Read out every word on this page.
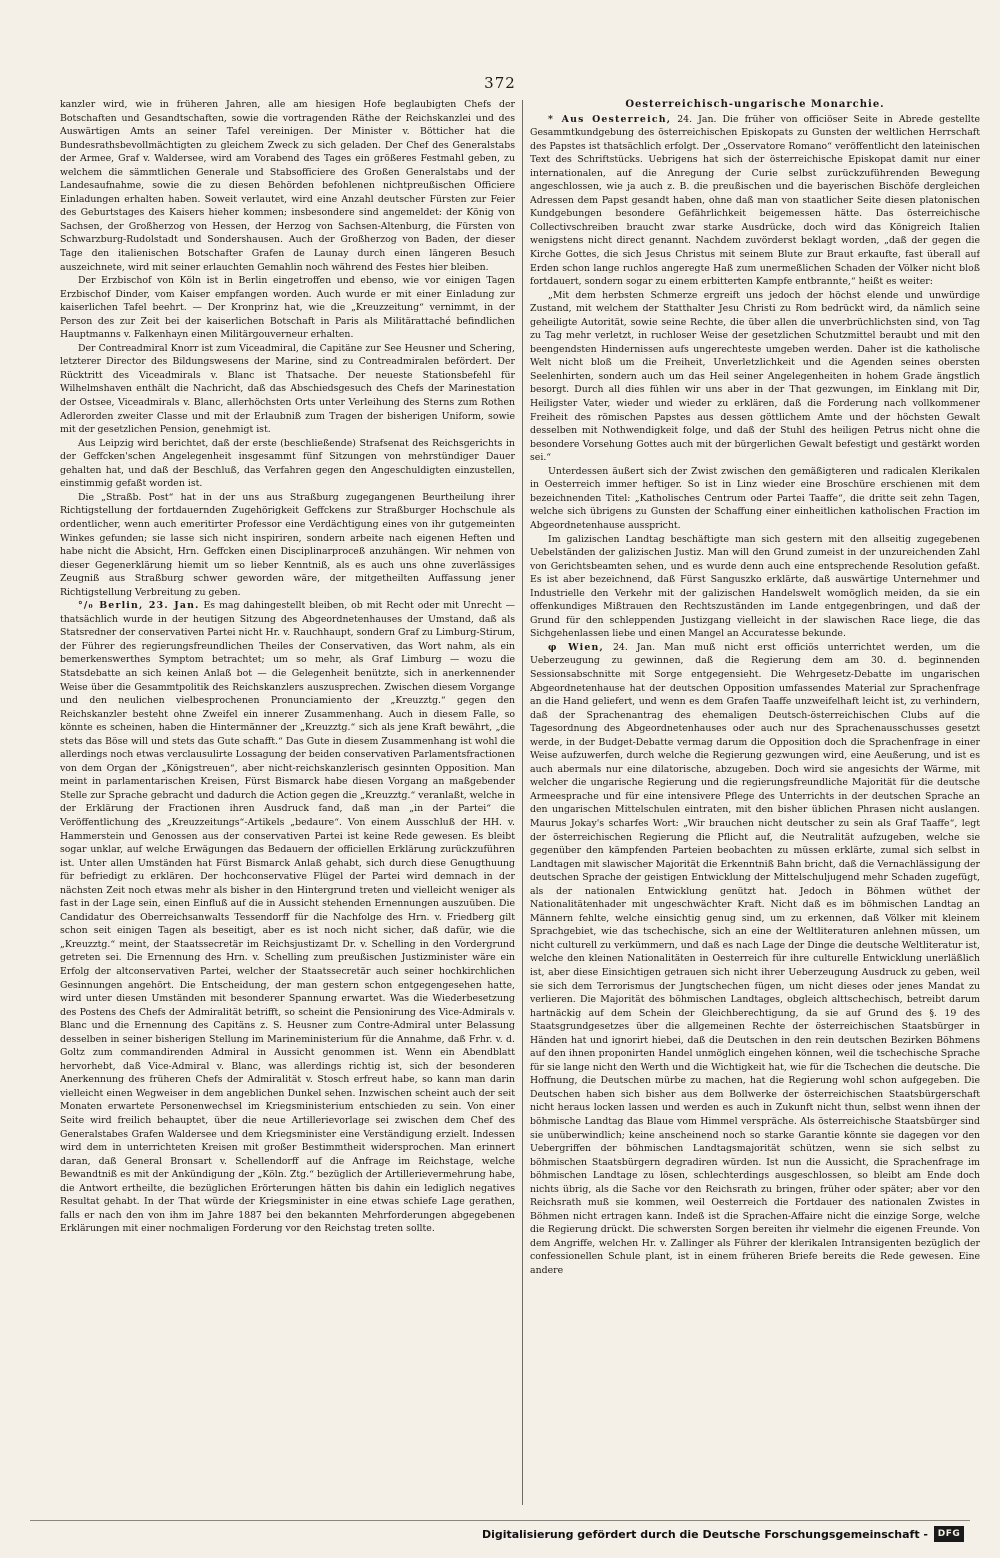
372

kanzler wird, wie in früheren Jahren, alle am hiesigen Hofe beglaubigten Chefs der Botschaften und Gesandtschaften, sowie die vortragenden Räthe der Reichskanzlei und des Auswärtigen Amts an seiner Tafel vereinigen. Der Minister v. Bötticher hat die Bundesrathsbevollmächtigten zu gleichem Zweck zu sich geladen. Der Chef des Generalstabs der Armee, Graf v. Waldersee, wird am Vorabend des Tages ein größeres Festmahl geben, zu welchem die sämmtlichen Generale und Stabsofficiere des Großen Generalstabs und der Landesaufnahme, sowie die zu diesen Behörden befohlenen nichtpreußischen Officiere Einladungen erhalten haben. Soweit verlautet, wird eine Anzahl deutscher Fürsten zur Feier des Geburtstages des Kaisers hieher kommen; insbesondere sind angemeldet: der König von Sachsen, der Großherzog von Hessen, der Herzog von Sachsen-Altenburg, die Fürsten von Schwarzburg-Rudolstadt und Sondershausen. Auch der Großherzog von Baden, der dieser Tage den italienischen Botschafter Grafen de Launay durch einen längeren Besuch auszeichnete, wird mit seiner erlauchten Gemahlin noch während des Festes hier bleiben.

Der Erzbischof von Köln ist in Berlin eingetroffen und ebenso, wie vor einigen Tagen Erzbischof Dinder, vom Kaiser empfangen worden. Auch wurde er mit einer Einladung zur kaiserlichen Tafel beehrt. — Der Kronprinz hat, wie die „Kreuzzeitung“ vernimmt, in der Person des zur Zeit bei der kaiserlichen Botschaft in Paris als Militärattaché befindlichen Hauptmanns v. Falkenhayn einen Militärgouverneur erhalten.

Der Contreadmiral Knorr ist zum Viceadmiral, die Capitäne zur See Heusner und Schering, letzterer Director des Bildungswesens der Marine, sind zu Contreadmiralen befördert. Der Rücktritt des Viceadmirals v. Blanc ist Thatsache. Der neueste Stationsbefehl für Wilhelmshaven enthält die Nachricht, daß das Abschiedsgesuch des Chefs der Marinestation der Ostsee, Viceadmirals v. Blanc, allerhöchsten Orts unter Verleihung des Sterns zum Rothen Adlerorden zweiter Classe und mit der Erlaubniß zum Tragen der bisherigen Uniform, sowie mit der gesetzlichen Pension, genehmigt ist.

Aus Leipzig wird berichtet, daß der erste (beschließende) Strafsenat des Reichsgerichts in der Geffcken'schen Angelegenheit insgesammt fünf Sitzungen von mehrstündiger Dauer gehalten hat, und daß der Beschluß, das Verfahren gegen den Angeschuldigten einzustellen, einstimmig gefaßt worden ist.

Die „Straßb. Post“ hat in der uns aus Straßburg zugegangenen Beurtheilung ihrer Richtigstellung der fortdauernden Zugehörigkeit Geffckens zur Straßburger Hochschule als ordentlicher, wenn auch emeritirter Professor eine Verdächtigung eines von ihr gutgemeinten Winkes gefunden; sie lasse sich nicht inspiriren, sondern arbeite nach eigenen Heften und habe nicht die Absicht, Hrn. Geffcken einen Disciplinarproceß anzuhängen. Wir nehmen von dieser Gegenerklärung hiemit um so lieber Kenntniß, als es auch uns ohne zuverlässiges Zeugniß aus Straßburg schwer geworden wäre, der mitgetheilten Auffassung jener Richtigstellung Verbreitung zu geben.

°/₀ Berlin, 23. Jan. Es mag dahingestellt bleiben, ob mit Recht oder mit Unrecht — thatsächlich wurde in der heutigen Sitzung des Abgeordnetenhauses der Umstand, daß als Statsredner der conservativen Partei nicht Hr. v. Rauchhaupt, sondern Graf zu Limburg-Stirum, der Führer des regierungsfreundlichen Theiles der Conservativen, das Wort nahm, als ein bemerkenswerthes Symptom betrachtet; um so mehr, als Graf Limburg — wozu die Statsdebatte an sich keinen Anlaß bot — die Gelegenheit benützte, sich in anerkennender Weise über die Gesammtpolitik des Reichskanzlers auszusprechen. Zwischen diesem Vorgange und den neulichen vielbesprochenen Pronunciamiento der „Kreuzztg.“ gegen den Reichskanzler besteht ohne Zweifel ein innerer Zusammenhang. Auch in diesem Falle, so könnte es scheinen, haben die Hintermänner der „Kreuzztg.“ sich als jene Kraft bewährt, „die stets das Böse will und stets das Gute schafft.“ Das Gute in diesem Zusammenhang ist wohl die allerdings noch etwas verclausulirte Lossagung der beiden conservativen Parlamentsfractionen von dem Organ der „Königstreuen“, aber nicht-reichskanzlerisch gesinnten Opposition. Man meint in parlamentarischen Kreisen, Fürst Bismarck habe diesen Vorgang an maßgebender Stelle zur Sprache gebracht und dadurch die Action gegen die „Kreuzztg.“ veranlaßt, welche in der Erklärung der Fractionen ihren Ausdruck fand, daß man „in der Partei“ die Veröffentlichung des „Kreuzzeitungs“-Artikels „bedaure“. Von einem Ausschluß der HH. v. Hammerstein und Genossen aus der conservativen Partei ist keine Rede gewesen. Es bleibt sogar unklar, auf welche Erwägungen das Bedauern der officiellen Erklärung zurückzuführen ist. Unter allen Umständen hat Fürst Bismarck Anlaß gehabt, sich durch diese Genugthuung für befriedigt zu erklären. Der hochconservative Flügel der Partei wird demnach in der nächsten Zeit noch etwas mehr als bisher in den Hintergrund treten und vielleicht weniger als fast in der Lage sein, einen Einfluß auf die in Aussicht stehenden Ernennungen auszuüben. Die Candidatur des Oberreichsanwalts Tessendorff für die Nachfolge des Hrn. v. Friedberg gilt schon seit einigen Tagen als beseitigt, aber es ist noch nicht sicher, daß dafür, wie die „Kreuzztg.“ meint, der Staatssecretär im Reichsjustizamt Dr. v. Schelling in den Vordergrund getreten sei. Die Ernennung des Hrn. v. Schelling zum preußischen Justizminister wäre ein Erfolg der altconservativen Partei, welcher der Staatssecretär auch seiner hochkirchlichen Gesinnungen angehört. Die Entscheidung, der man gestern schon entgegengesehen hatte, wird unter diesen Umständen mit besonderer Spannung erwartet. Was die Wiederbesetzung des Postens des Chefs der Admiralität betrifft, so scheint die Pensionirung des Vice-Admirals v. Blanc und die Ernennung des Capitäns z. S. Heusner zum Contre-Admiral unter Belassung desselben in seiner bisherigen Stellung im Marineministerium für die Annahme, daß Frhr. v. d. Goltz zum commandirenden Admiral in Aussicht genommen ist. Wenn ein Abendblatt hervorhebt, daß Vice-Admiral v. Blanc, was allerdings richtig ist, sich der besonderen Anerkennung des früheren Chefs der Admiralität v. Stosch erfreut habe, so kann man darin vielleicht einen Wegweiser in dem angeblichen Dunkel sehen. Inzwischen scheint auch der seit Monaten erwartete Personenwechsel im Kriegsministerium entschieden zu sein. Von einer Seite wird freilich behauptet, über die neue Artillerievorlage sei zwischen dem Chef des Generalstabes Grafen Waldersee und dem Kriegsminister eine Verständigung erzielt. Indessen wird dem in unterrichteten Kreisen mit großer Bestimmtheit widersprochen. Man erinnert daran, daß General Bronsart v. Schellendorff auf die Anfrage im Reichstage, welche Bewandtniß es mit der Ankündigung der „Köln. Ztg.“ bezüglich der Artillerievermehrung habe, die Antwort ertheilte, die bezüglichen Erörterungen hätten bis dahin ein lediglich negatives Resultat gehabt. In der That würde der Kriegsminister in eine etwas schiefe Lage gerathen, falls er nach den von ihm im Jahre 1887 bei den bekannten Mehrforderungen abgegebenen Erklärungen mit einer nochmaligen Forderung vor den Reichstag treten sollte.

Oesterreichisch-ungarische Monarchie.

* Aus Oesterreich, 24. Jan. Die früher von officiöser Seite in Abrede gestellte Gesammtkundgebung des österreichischen Episkopats zu Gunsten der weltlichen Herrschaft des Papstes ist thatsächlich erfolgt. Der „Osservatore Romano“ veröffentlicht den lateinischen Text des Schriftstücks. Uebrigens hat sich der österreichische Episkopat damit nur einer internationalen, auf die Anregung der Curie selbst zurückzuführenden Bewegung angeschlossen, wie ja auch z. B. die preußischen und die bayerischen Bischöfe dergleichen Adressen dem Papst gesandt haben, ohne daß man von staatlicher Seite diesen platonischen Kundgebungen besondere Gefährlichkeit beigemessen hätte. Das österreichische Collectivschreiben braucht zwar starke Ausdrücke, doch wird das Königreich Italien wenigstens nicht direct genannt. Nachdem zuvörderst beklagt worden, „daß der gegen die Kirche Gottes, die sich Jesus Christus mit seinem Blute zur Braut erkaufte, fast überall auf Erden schon lange ruchlos angeregte Haß zum unermeßlichen Schaden der Völker nicht bloß fortdauert, sondern sogar zu einem erbitterten Kampfe entbrannte,“ heißt es weiter:

„Mit dem herbsten Schmerze ergreift uns jedoch der höchst elende und unwürdige Zustand, mit welchem der Statthalter Jesu Christi zu Rom bedrückt wird, da nämlich seine geheiligte Autorität, sowie seine Rechte, die über allen die unverbrüchlichsten sind, von Tag zu Tag mehr verletzt, in ruchloser Weise der gesetzlichen Schutzmittel beraubt und mit den beengendsten Hindernissen aufs ungerechteste umgeben werden. Daher ist die katholische Welt nicht bloß um die Freiheit, Unverletzlichkeit und die Agenden seines obersten Seelenhirten, sondern auch um das Heil seiner Angelegenheiten in hohem Grade ängstlich besorgt. Durch all dies fühlen wir uns aber in der That gezwungen, im Einklang mit Dir, Heiligster Vater, wieder und wieder zu erklären, daß die Forderung nach vollkommener Freiheit des römischen Papstes aus dessen göttlichem Amte und der höchsten Gewalt desselben mit Nothwendigkeit folge, und daß der Stuhl des heiligen Petrus nicht ohne die besondere Vorsehung Gottes auch mit der bürgerlichen Gewalt befestigt und gestärkt worden sei.“

Unterdessen äußert sich der Zwist zwischen den gemäßigteren und radicalen Klerikalen in Oesterreich immer heftiger. So ist in Linz wieder eine Broschüre erschienen mit dem bezeichnenden Titel: „Katholisches Centrum oder Partei Taaffe“, die dritte seit zehn Tagen, welche sich übrigens zu Gunsten der Schaffung einer einheitlichen katholischen Fraction im Abgeordnetenhause ausspricht.

Im galizischen Landtag beschäftigte man sich gestern mit den allseitig zugegebenen Uebelständen der galizischen Justiz. Man will den Grund zumeist in der unzureichenden Zahl von Gerichtsbeamten sehen, und es wurde denn auch eine entsprechende Resolution gefaßt. Es ist aber bezeichnend, daß Fürst Sanguszko erklärte, daß auswärtige Unternehmer und Industrielle den Verkehr mit der galizischen Handelswelt womöglich meiden, da sie ein offenkundiges Mißtrauen den Rechtszuständen im Lande entgegenbringen, und daß der Grund für den schleppenden Justizgang vielleicht in der slawischen Race liege, die das Sichgehenlassen liebe und einen Mangel an Accuratesse bekunde.

φ Wien, 24. Jan. Man muß nicht erst officiös unterrichtet werden, um die Ueberzeugung zu gewinnen, daß die Regierung dem am 30. d. beginnenden Sessionsabschnitte mit Sorge entgegensieht. Die Wehrgesetz-Debatte im ungarischen Abgeordnetenhause hat der deutschen Opposition umfassendes Material zur Sprachenfrage an die Hand geliefert, und wenn es dem Grafen Taaffe unzweifelhaft leicht ist, zu verhindern, daß der Sprachenantrag des ehemaligen Deutsch-österreichischen Clubs auf die Tagesordnung des Abgeordnetenhauses oder auch nur des Sprachenausschusses gesetzt werde, in der Budget-Debatte vermag darum die Opposition doch die Sprachenfrage in einer Weise aufzuwerfen, durch welche die Regierung gezwungen wird, eine Aeußerung, und ist es auch abermals nur eine dilatorische, abzugeben. Doch wird sie angesichts der Wärme, mit welcher die ungarische Regierung und die regierungsfreundliche Majorität für die deutsche Armeesprache und für eine intensivere Pflege des Unterrichts in der deutschen Sprache an den ungarischen Mittelschulen eintraten, mit den bisher üblichen Phrasen nicht auslangen. Maurus Jokay's scharfes Wort: „Wir brauchen nicht deutscher zu sein als Graf Taaffe“, legt der österreichischen Regierung die Pflicht auf, die Neutralität aufzugeben, welche sie gegenüber den kämpfenden Parteien beobachten zu müssen erklärte, zumal sich selbst in Landtagen mit slawischer Majorität die Erkenntniß Bahn bricht, daß die Vernachlässigung der deutschen Sprache der geistigen Entwicklung der Mittelschuljugend mehr Schaden zugefügt, als der nationalen Entwicklung genützt hat. Jedoch in Böhmen wüthet der Nationalitätenhader mit ungeschwächter Kraft. Nicht daß es im böhmischen Landtag an Männern fehlte, welche einsichtig genug sind, um zu erkennen, daß Völker mit kleinem Sprachgebiet, wie das tschechische, sich an eine der Weltliteraturen anlehnen müssen, um nicht culturell zu verkümmern, und daß es nach Lage der Dinge die deutsche Weltliteratur ist, welche den kleinen Nationalitäten in Oesterreich für ihre culturelle Entwicklung unerläßlich ist, aber diese Einsichtigen getrauen sich nicht ihrer Ueberzeugung Ausdruck zu geben, weil sie sich dem Terrorismus der Jungtschechen fügen, um nicht dieses oder jenes Mandat zu verlieren. Die Majorität des böhmischen Landtages, obgleich alttschechisch, betreibt darum hartnäckig auf dem Schein der Gleichberechtigung, da sie auf Grund des §. 19 des Staatsgrundgesetzes über die allgemeinen Rechte der österreichischen Staatsbürger in Händen hat und ignorirt hiebei, daß die Deutschen in den rein deutschen Bezirken Böhmens auf den ihnen proponirten Handel unmöglich eingehen können, weil die tschechische Sprache für sie lange nicht den Werth und die Wichtigkeit hat, wie für die Tschechen die deutsche. Die Hoffnung, die Deutschen mürbe zu machen, hat die Regierung wohl schon aufgegeben. Die Deutschen haben sich bisher aus dem Bollwerke der österreichischen Staatsbürgerschaft nicht heraus locken lassen und werden es auch in Zukunft nicht thun, selbst wenn ihnen der böhmische Landtag das Blaue vom Himmel verspräche. Als österreichische Staatsbürger sind sie unüberwindlich; keine anscheinend noch so starke Garantie könnte sie dagegen vor den Uebergriffen der böhmischen Landtagsmajorität schützen, wenn sie sich selbst zu böhmischen Staatsbürgern degradiren würden. Ist nun die Aussicht, die Sprachenfrage im böhmischen Landtage zu lösen, schlechterdings ausgeschlossen, so bleibt am Ende doch nichts übrig, als die Sache vor den Reichsrath zu bringen, früher oder später; aber vor den Reichsrath muß sie kommen, weil Oesterreich die Fortdauer des nationalen Zwistes in Böhmen nicht ertragen kann. Indeß ist die Sprachen-Affaire nicht die einzige Sorge, welche die Regierung drückt. Die schwersten Sorgen bereiten ihr vielmehr die eigenen Freunde. Von dem Angriffe, welchen Hr. v. Zallinger als Führer der klerikalen Intransigenten bezüglich der confessionellen Schule plant, ist in einem früheren Briefe bereits die Rede gewesen. Eine andere

Digitalisierung gefördert durch die Deutsche Forschungsgemeinschaft -	DFG
